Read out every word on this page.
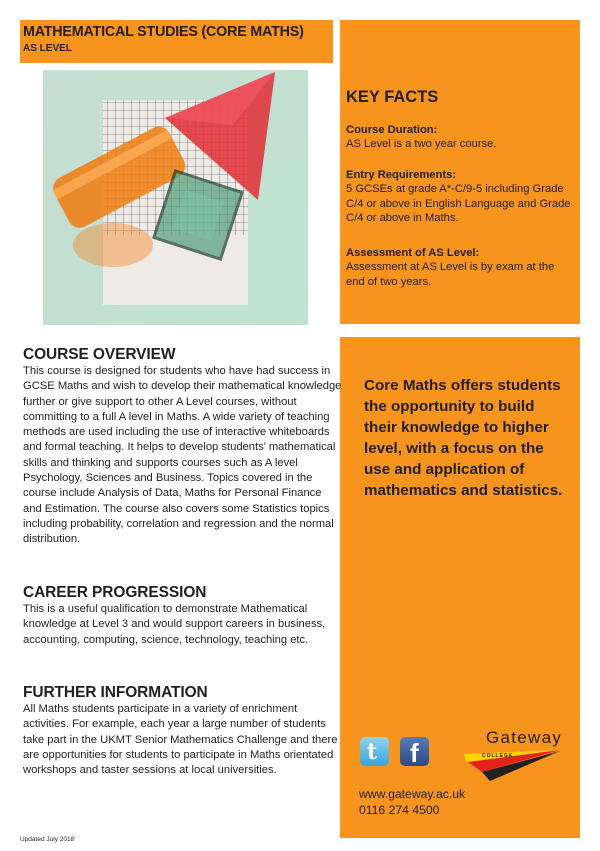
MATHEMATICAL STUDIES (CORE MATHS)
AS LEVEL
KEY FACTS
Course Duration:
AS Level is a two year course.
Entry Requirements:
5 GCSEs at grade A*-C/9-5 including Grade C/4 or above in English Language and Grade C/4 or above in Maths.
Assessment of AS Level:
Assessment at AS Level is by exam at the end of two years.
Core Maths offers students the opportunity to build their knowledge to higher level, with a focus on the use and application of mathematics and statistics.
t f
Gateway
COLLEGE
www.gateway.ac.uk
0116 274 4500
COURSE OVERVIEW
This course is designed for students who have had success in GCSE Maths and wish to develop their mathematical knowledge further or give support to other A Level courses, without committing to a full A level in Maths. A wide variety of teaching methods are used including the use of interactive whiteboards and formal teaching. It helps to develop students’ mathematical skills and thinking and supports courses such as A level Psychology, Sciences and Business. Topics covered in the course include Analysis of Data, Maths for Personal Finance and Estimation. The course also covers some Statistics topics including probability, correlation and regression and the normal distribution.
CAREER PROGRESSION
This is a useful qualification to demonstrate Mathematical knowledge at Level 3 and would support careers in business, accounting, computing, science, technology, teaching etc.
FURTHER INFORMATION
All Maths students participate in a variety of enrichment activities. For example, each year a large number of students take part in the UKMT Senior Mathematics Challenge and there are opportunities for students to participate in Maths orientated workshops and taster sessions at local universities.
Updated July 2018
